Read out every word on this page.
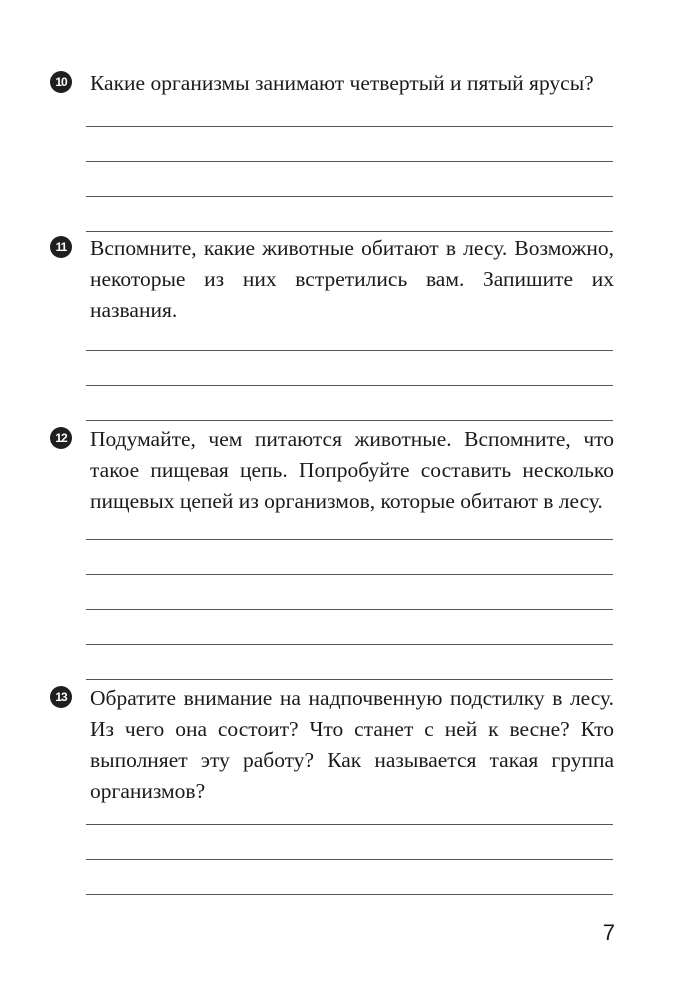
10 Какие организмы занимают четвертый и пятый ярусы?
11 Вспомните, какие животные обитают в лесу. Возможно, некоторые из них встретились вам. Запишите их названия.
12 Подумайте, чем питаются животные. Вспомните, что такое пищевая цепь. Попробуйте составить несколько пищевых цепей из организмов, которые обитают в лесу.
13 Обратите внимание на надпочвенную подстилку в лесу. Из чего она состоит? Что станет с ней к весне? Кто выполняет эту работу? Как называется такая группа организмов?
7
